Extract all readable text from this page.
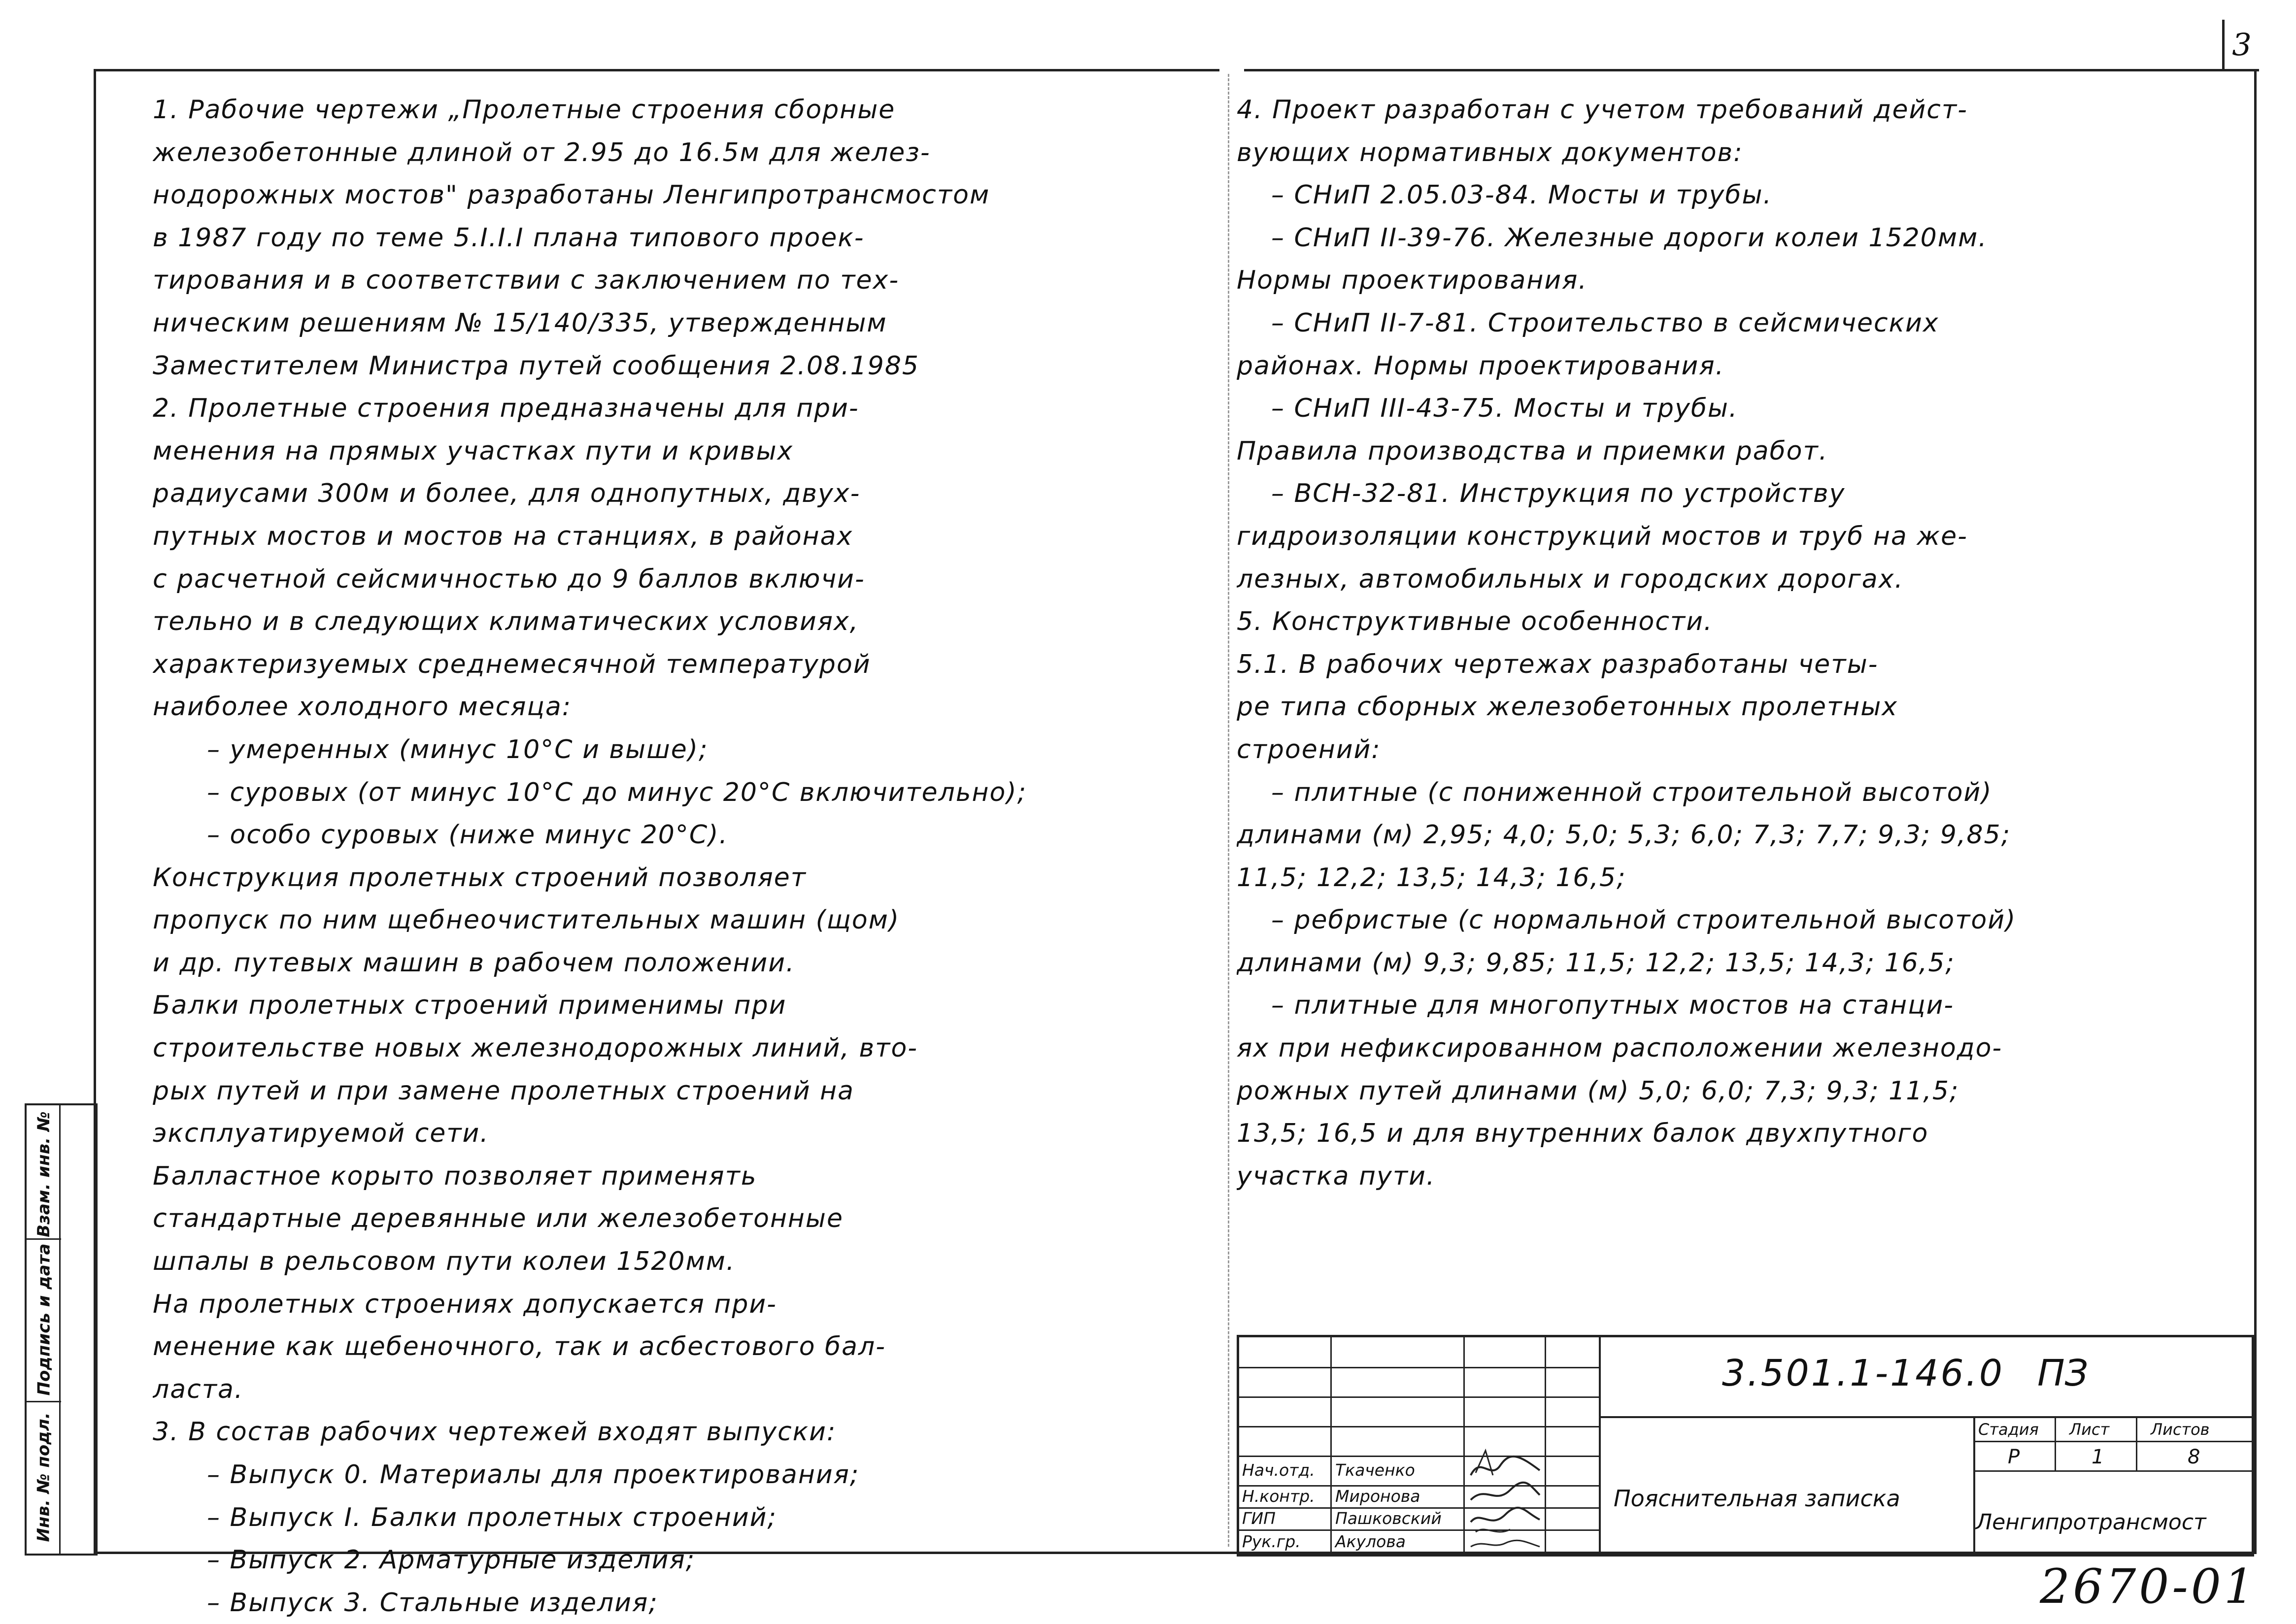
3

1. Рабочие чертежи „Пролетные строения сборные

железобетонные длиной от 2.95 до 16.5м для желез-

нодорожных мостов" разработаны Ленгипротрансмостом

в 1987 году по теме 5.I.I.I плана типового проек-

тирования и в соответствии с заключением по тех-

ническим решениям № 15/140/335, утвержденным

Заместителем Министра путей сообщения 2.08.1985

2. Пролетные строения предназначены для при-

менения на прямых участках пути и кривых

радиусами 300м и более, для однопутных, двух-

путных мостов и мостов на станциях, в районах

с расчетной сейсмичностью до 9 баллов включи-

тельно и в следующих климатических условиях,

характеризуемых среднемесячной температурой

наиболее холодного месяца:

– умеренных (минус 10°С и выше);

– суровых (от минус 10°С до минус 20°С включительно);

– особо суровых (ниже минус 20°С).

Конструкция пролетных строений позволяет

пропуск по ним щебнеочистительных машин (щом)

и др. путевых машин в рабочем положении.

Балки пролетных строений применимы при

строительстве новых железнодорожных линий, вто-

рых путей и при замене пролетных строений на

эксплуатируемой сети.

Балластное корыто позволяет применять

стандартные деревянные или железобетонные

шпалы в рельсовом пути колеи 1520мм.

На пролетных строениях допускается при-

менение как щебеночного, так и асбестового бал-

ласта.

3. В состав рабочих чертежей входят выпуски:

– Выпуск 0. Материалы для проектирования;

– Выпуск I. Балки пролетных строений;

– Выпуск 2. Арматурные изделия;

– Выпуск 3. Стальные изделия;

4. Проект разработан с учетом требований дейст-

вующих нормативных документов:

– СНиП 2.05.03-84. Мосты и трубы.

– СНиП II-39-76. Железные дороги колеи 1520мм.

Нормы проектирования.

– СНиП II-7-81. Строительство в сейсмических

районах. Нормы проектирования.

– СНиП III-43-75. Мосты и трубы.

Правила производства и приемки работ.

– ВСН-32-81. Инструкция по устройству

гидроизоляции конструкций мостов и труб на же-

лезных, автомобильных и городских дорогах.

5. Конструктивные особенности.

5.1. В рабочих чертежах разработаны четы-

ре типа сборных железобетонных пролетных

строений:

– плитные (с пониженной строительной высотой)

длинами (м) 2,95; 4,0; 5,0; 5,3; 6,0; 7,3; 7,7; 9,3; 9,85;

11,5; 12,2; 13,5; 14,3; 16,5;

– ребристые (с нормальной строительной высотой)

длинами (м) 9,3; 9,85; 11,5; 12,2; 13,5; 14,3; 16,5;

– плитные для многопутных мостов на станци-

ях при нефиксированном расположении железнодо-

рожных путей длинами (м) 5,0; 6,0; 7,3; 9,3; 11,5;

13,5; 16,5 и для внутренних балок двухпутного

участка пути.

Взам. инв. №
Подпись и дата
Инв. № подл.
3.501.1-146.0 ПЗ
Стадия Лист	Листов
Р	1	8
Пояснительная записка
Ленгипротрансмост
Нач.отд. Ткаченко
Н.контр. Миронова
ГИП	Пашковский
Рук.гр. Акулова
2670-01
